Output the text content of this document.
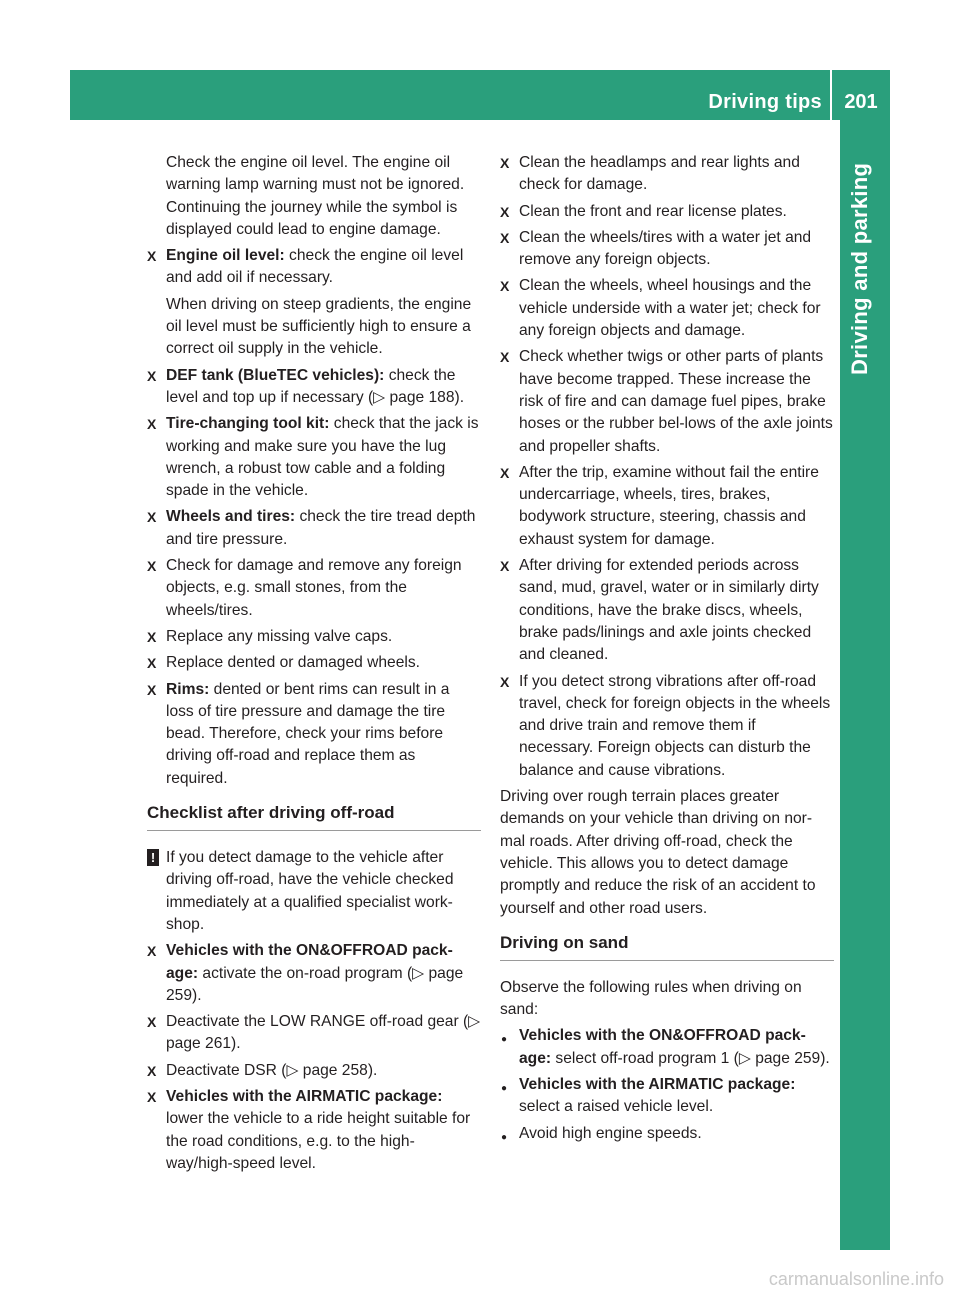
Driving tips	201
Driving and parking

Check the engine oil level. The engine oil warning lamp warning must not be ignored. Continuing the journey while the symbol is displayed could lead to engine damage.

X Engine oil level: check the engine oil level and add oil if necessary.

When driving on steep gradients, the engine oil level must be sufficiently high to ensure a correct oil supply in the vehicle.

X DEF tank (BlueTEC vehicles): check the level and top up if necessary (▷ page 188).
X Tire-changing tool kit: check that the jack is working and make sure you have the lug wrench, a robust tow cable and a folding spade in the vehicle.
X Wheels and tires: check the tire tread depth and tire pressure.
X Check for damage and remove any foreign objects, e.g. small stones, from the wheels/tires.
X Replace any missing valve caps.
X Replace dented or damaged wheels.
X Rims: dented or bent rims can result in a loss of tire pressure and damage the tire bead. Therefore, check your rims before driving off-road and replace them as required.
Checklist after driving off-road
! If you detect damage to the vehicle after driving off-road, have the vehicle checked immediately at a qualified specialist work-shop.
X Vehicles with the ON&OFFROAD pack-age: activate the on-road program (▷ page 259).
X Deactivate the LOW RANGE off-road gear (▷ page 261).
X Deactivate DSR (▷ page 258).
X Vehicles with the AIRMATIC package: lower the vehicle to a ride height suitable for the road conditions, e.g. to the high-way/high-speed level.
X Clean the headlamps and rear lights and check for damage.
X Clean the front and rear license plates.
X Clean the wheels/tires with a water jet and remove any foreign objects.
X Clean the wheels, wheel housings and the vehicle underside with a water jet; check for any foreign objects and damage.
X Check whether twigs or other parts of plants have become trapped. These increase the risk of fire and can damage fuel pipes, brake hoses or the rubber bel-lows of the axle joints and propeller shafts.
X After the trip, examine without fail the entire undercarriage, wheels, tires, brakes, bodywork structure, steering, chassis and exhaust system for damage.
X After driving for extended periods across sand, mud, gravel, water or in similarly dirty conditions, have the brake discs, wheels, brake pads/linings and axle joints checked and cleaned.
X If you detect strong vibrations after off-road travel, check for foreign objects in the wheels and drive train and remove them if necessary. Foreign objects can disturb the balance and cause vibrations.

Driving over rough terrain places greater demands on your vehicle than driving on nor-mal roads. After driving off-road, check the vehicle. This allows you to detect damage promptly and reduce the risk of an accident to yourself and other road users.

Driving on sand

Observe the following rules when driving on sand:

● Vehicles with the ON&OFFROAD pack-age: select off-road program 1 (▷ page 259).
● Vehicles with the AIRMATIC package: select a raised vehicle level.
● Avoid high engine speeds.
carmanualsonline.info
